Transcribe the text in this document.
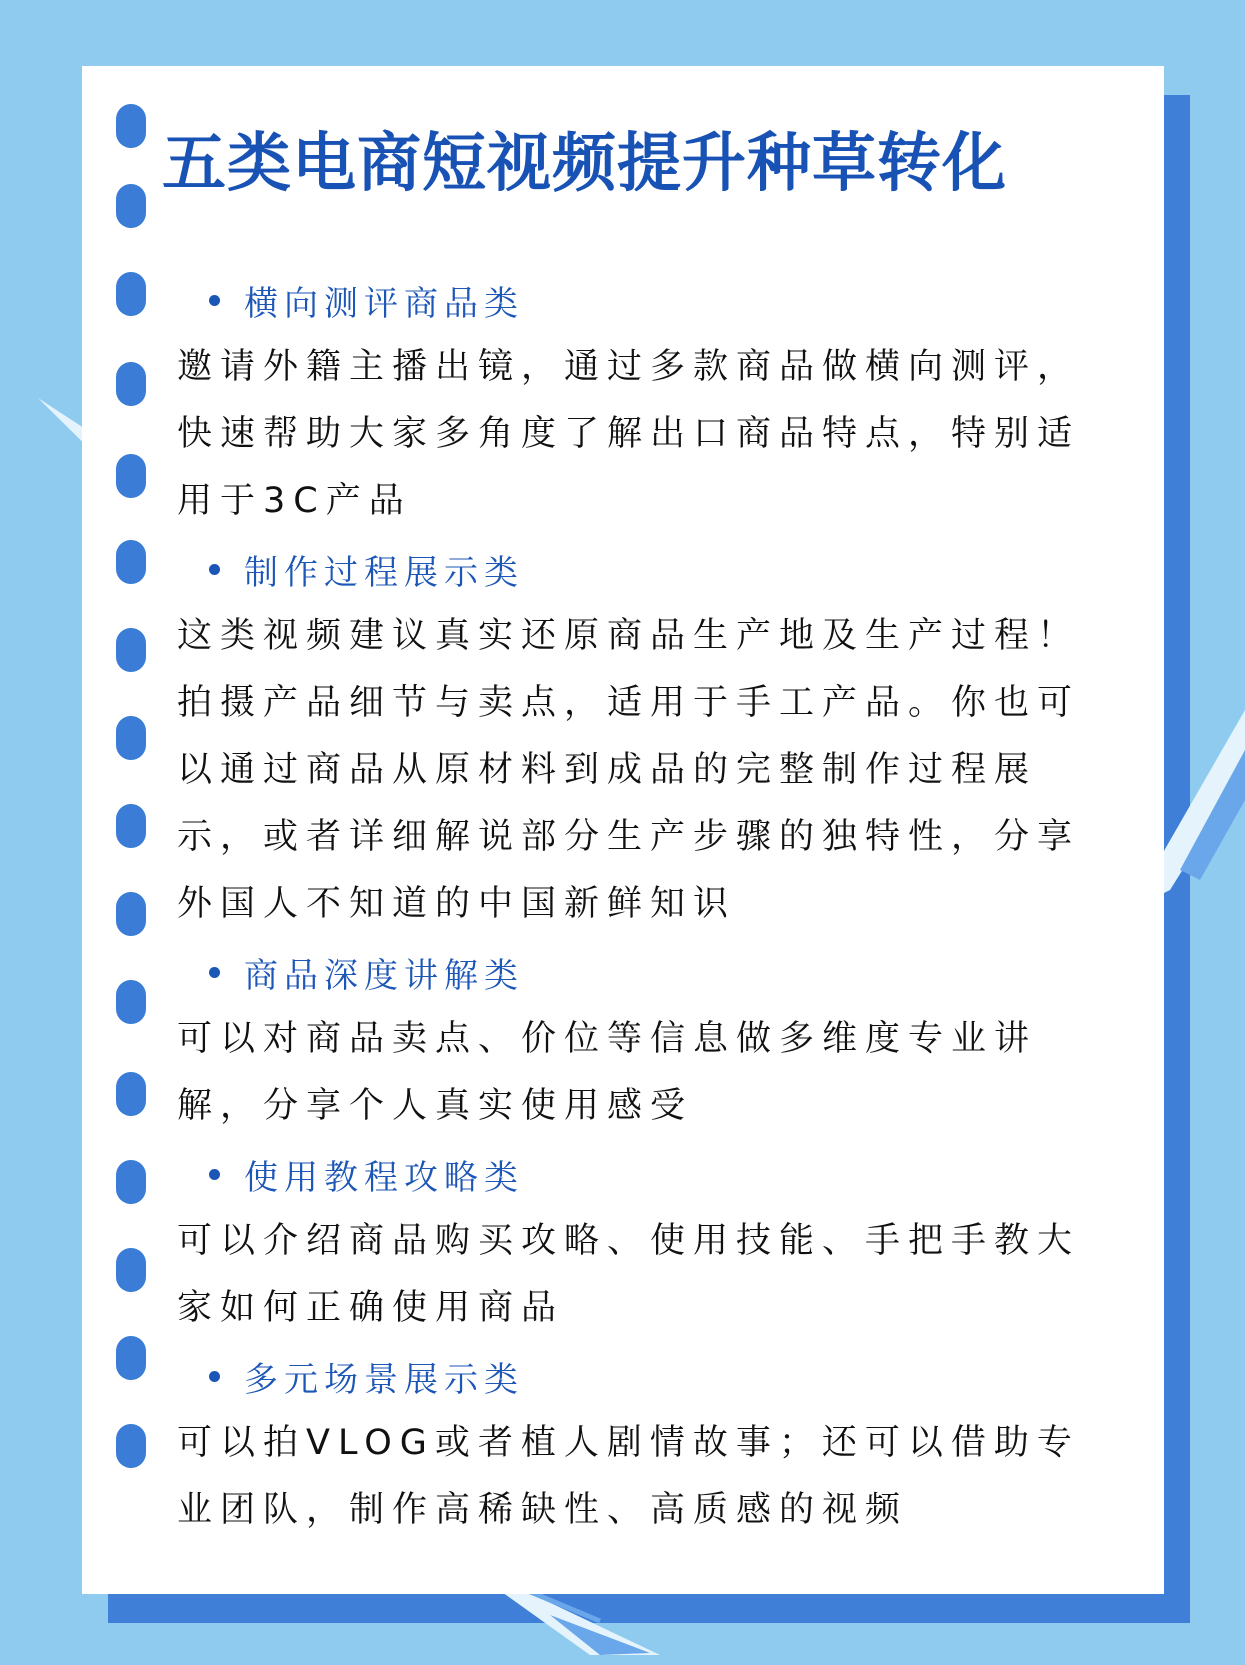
五类电商短视频提升种草转化
横向测评商品类

邀请外籍主播出镜，通过多款商品做横向测评，快速帮助大家多角度了解出口商品特点，特别适用于3C产品

制作过程展示类

这类视频建议真实还原商品生产地及生产过程！拍摄产品细节与卖点，适用于手工产品。你也可以通过商品从原材料到成品的完整制作过程展示，或者详细解说部分生产步骤的独特性，分享外国人不知道的中国新鲜知识

商品深度讲解类

可以对商品卖点、价位等信息做多维度专业讲解，分享个人真实使用感受

使用教程攻略类

可以介绍商品购买攻略、使用技能、手把手教大家如何正确使用商品

多元场景展示类

可以拍VLOG或者植人剧情故事；还可以借助专业团队，制作高稀缺性、高质感的视频
